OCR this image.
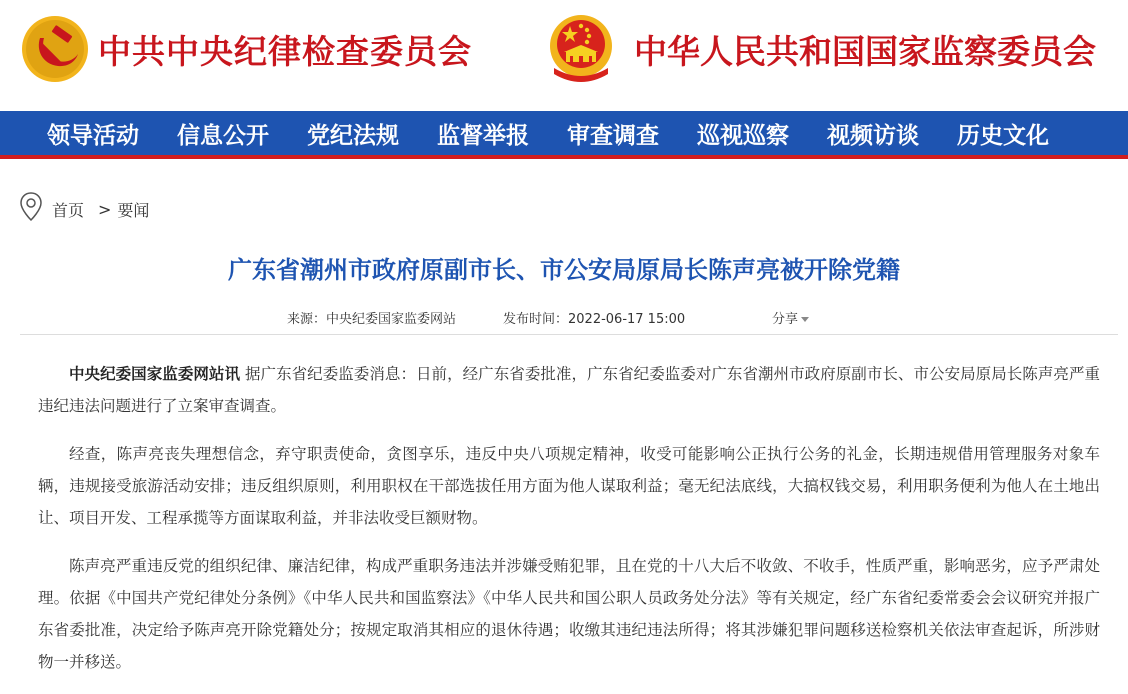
中共中央纪律检查委员会	中华人民共和国国家监察委员会
领导活动 信息公开 党纪法规 监督举报 审查调查 巡视巡察 视频访谈 历史文化
首页 > 要闻
广东省潮州市政府原副市长、市公安局原局长陈声亮被开除党籍
来源：中央纪委国家监委网站	发布时间：2022-06-17 15:00	分享

中央纪委国家监委网站讯 据广东省纪委监委消息：日前，经广东省委批准，广东省纪委监委对广东省潮州市政府原副市长、市公安局原局长陈声亮严重违纪违法问题进行了立案审查调查。

经查，陈声亮丧失理想信念，弃守职责使命，贪图享乐，违反中央八项规定精神，收受可能影响公正执行公务的礼金，长期违规借用管理服务对象车辆，违规接受旅游活动安排；违反组织原则，利用职权在干部选拔任用方面为他人谋取利益；毫无纪法底线，大搞权钱交易，利用职务便利为他人在土地出让、项目开发、工程承揽等方面谋取利益，并非法收受巨额财物。

陈声亮严重违反党的组织纪律、廉洁纪律，构成严重职务违法并涉嫌受贿犯罪，且在党的十八大后不收敛、不收手，性质严重，影响恶劣，应予严肃处理。依据《中国共产党纪律处分条例》《中华人民共和国监察法》《中华人民共和国公职人员政务处分法》等有关规定，经广东省纪委常委会会议研究并报广东省委批准，决定给予陈声亮开除党籍处分；按规定取消其相应的退休待遇；收缴其违纪违法所得；将其涉嫌犯罪问题移送检察机关依法审查起诉，所涉财物一并移送。
